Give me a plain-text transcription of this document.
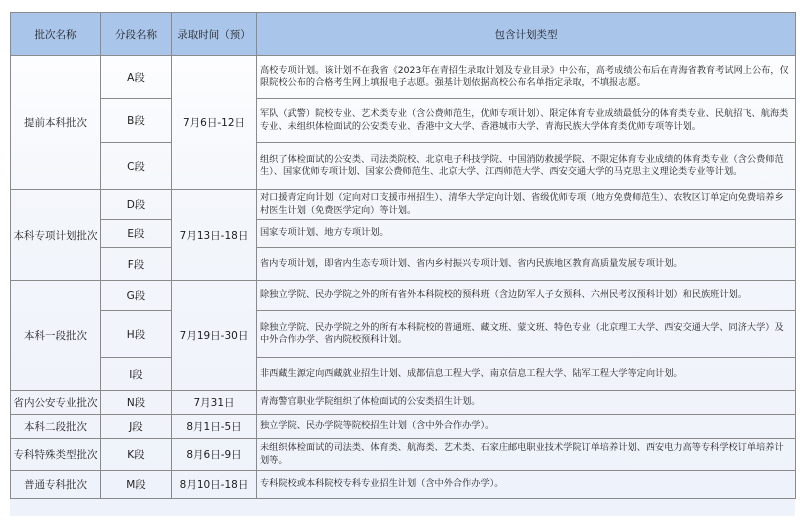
批次名称	分段名称	录取时间（预）	包含计划类型
提前本科批次	A段	7月6日-12日	高校专项计划。该计划不在我省《2023年在青招生录取计划及专业目录》中公布，高考成绩公布后在青海省教育考试网上公布，仅限院校公布的合格考生网上填报电子志愿。强基计划依据高校公布名单指定录取，不填报志愿。
	B段		军队（武警）院校专业、艺术类专业（含公费师范生，优师专项计划）、限定体育专业成绩最低分的体育类专业、民航招飞、航海类专业、未组织体检面试的公安类专业、香港中文大学、香港城市大学、青海民族大学体育类优师专项等计划。
	C段		组织了体检面试的公安类、司法类院校、北京电子科技学院、中国消防救援学院、不限定体育专业成绩的体育类专业（含公费师范生）、国家优师专项计划、国家公费师范生、北京大学、江西师范大学、西安交通大学的马克思主义理论类专业等计划。
本科专项计划批次	D段	7月13日-18日	对口援青定向计划（定向对口支援市州招生）、清华大学定向计划、省级优师专项（地方免费师范生）、农牧区订单定向免费培养乡村医生计划（免费医学定向）等计划。
	E段		国家专项计划、地方专项计划。
	F段		省内专项计划，即省内生态专项计划、省内乡村振兴专项计划、省内民族地区教育高质量发展专项计划。
本科一段批次	G段	7月19日-30日	除独立学院、民办学院之外的所有省外本科院校的预科班（含边防军人子女预科、六州民考汉预科计划）和民族班计划。
	H段		除独立学院、民办学院之外的所有本科院校的普通班、藏文班、蒙文班、特色专业（北京理工大学、西安交通大学、同济大学）及中外合作办学、省内院校预科计划。
	I段		非西藏生源定向西藏就业招生计划、成都信息工程大学、南京信息工程大学、陆军工程大学等定向计划。
省内公安专业批次	N段	7月31日	青海警官职业学院组织了体检面试的公安类招生计划。
本科二段批次	J段	8月1日-5日	独立学院、民办学院等院校招生计划（含中外合作办学）。
专科特殊类型批次	K段	8月6日-9日	未组织体检面试的司法类、体育类、航海类、艺术类、石家庄邮电职业技术学院订单培养计划、西安电力高等专科学校订单培养计划等。
普通专科批次	M段	8月10日-18日	专科院校或本科院校专科专业招生计划（含中外合作办学）。
